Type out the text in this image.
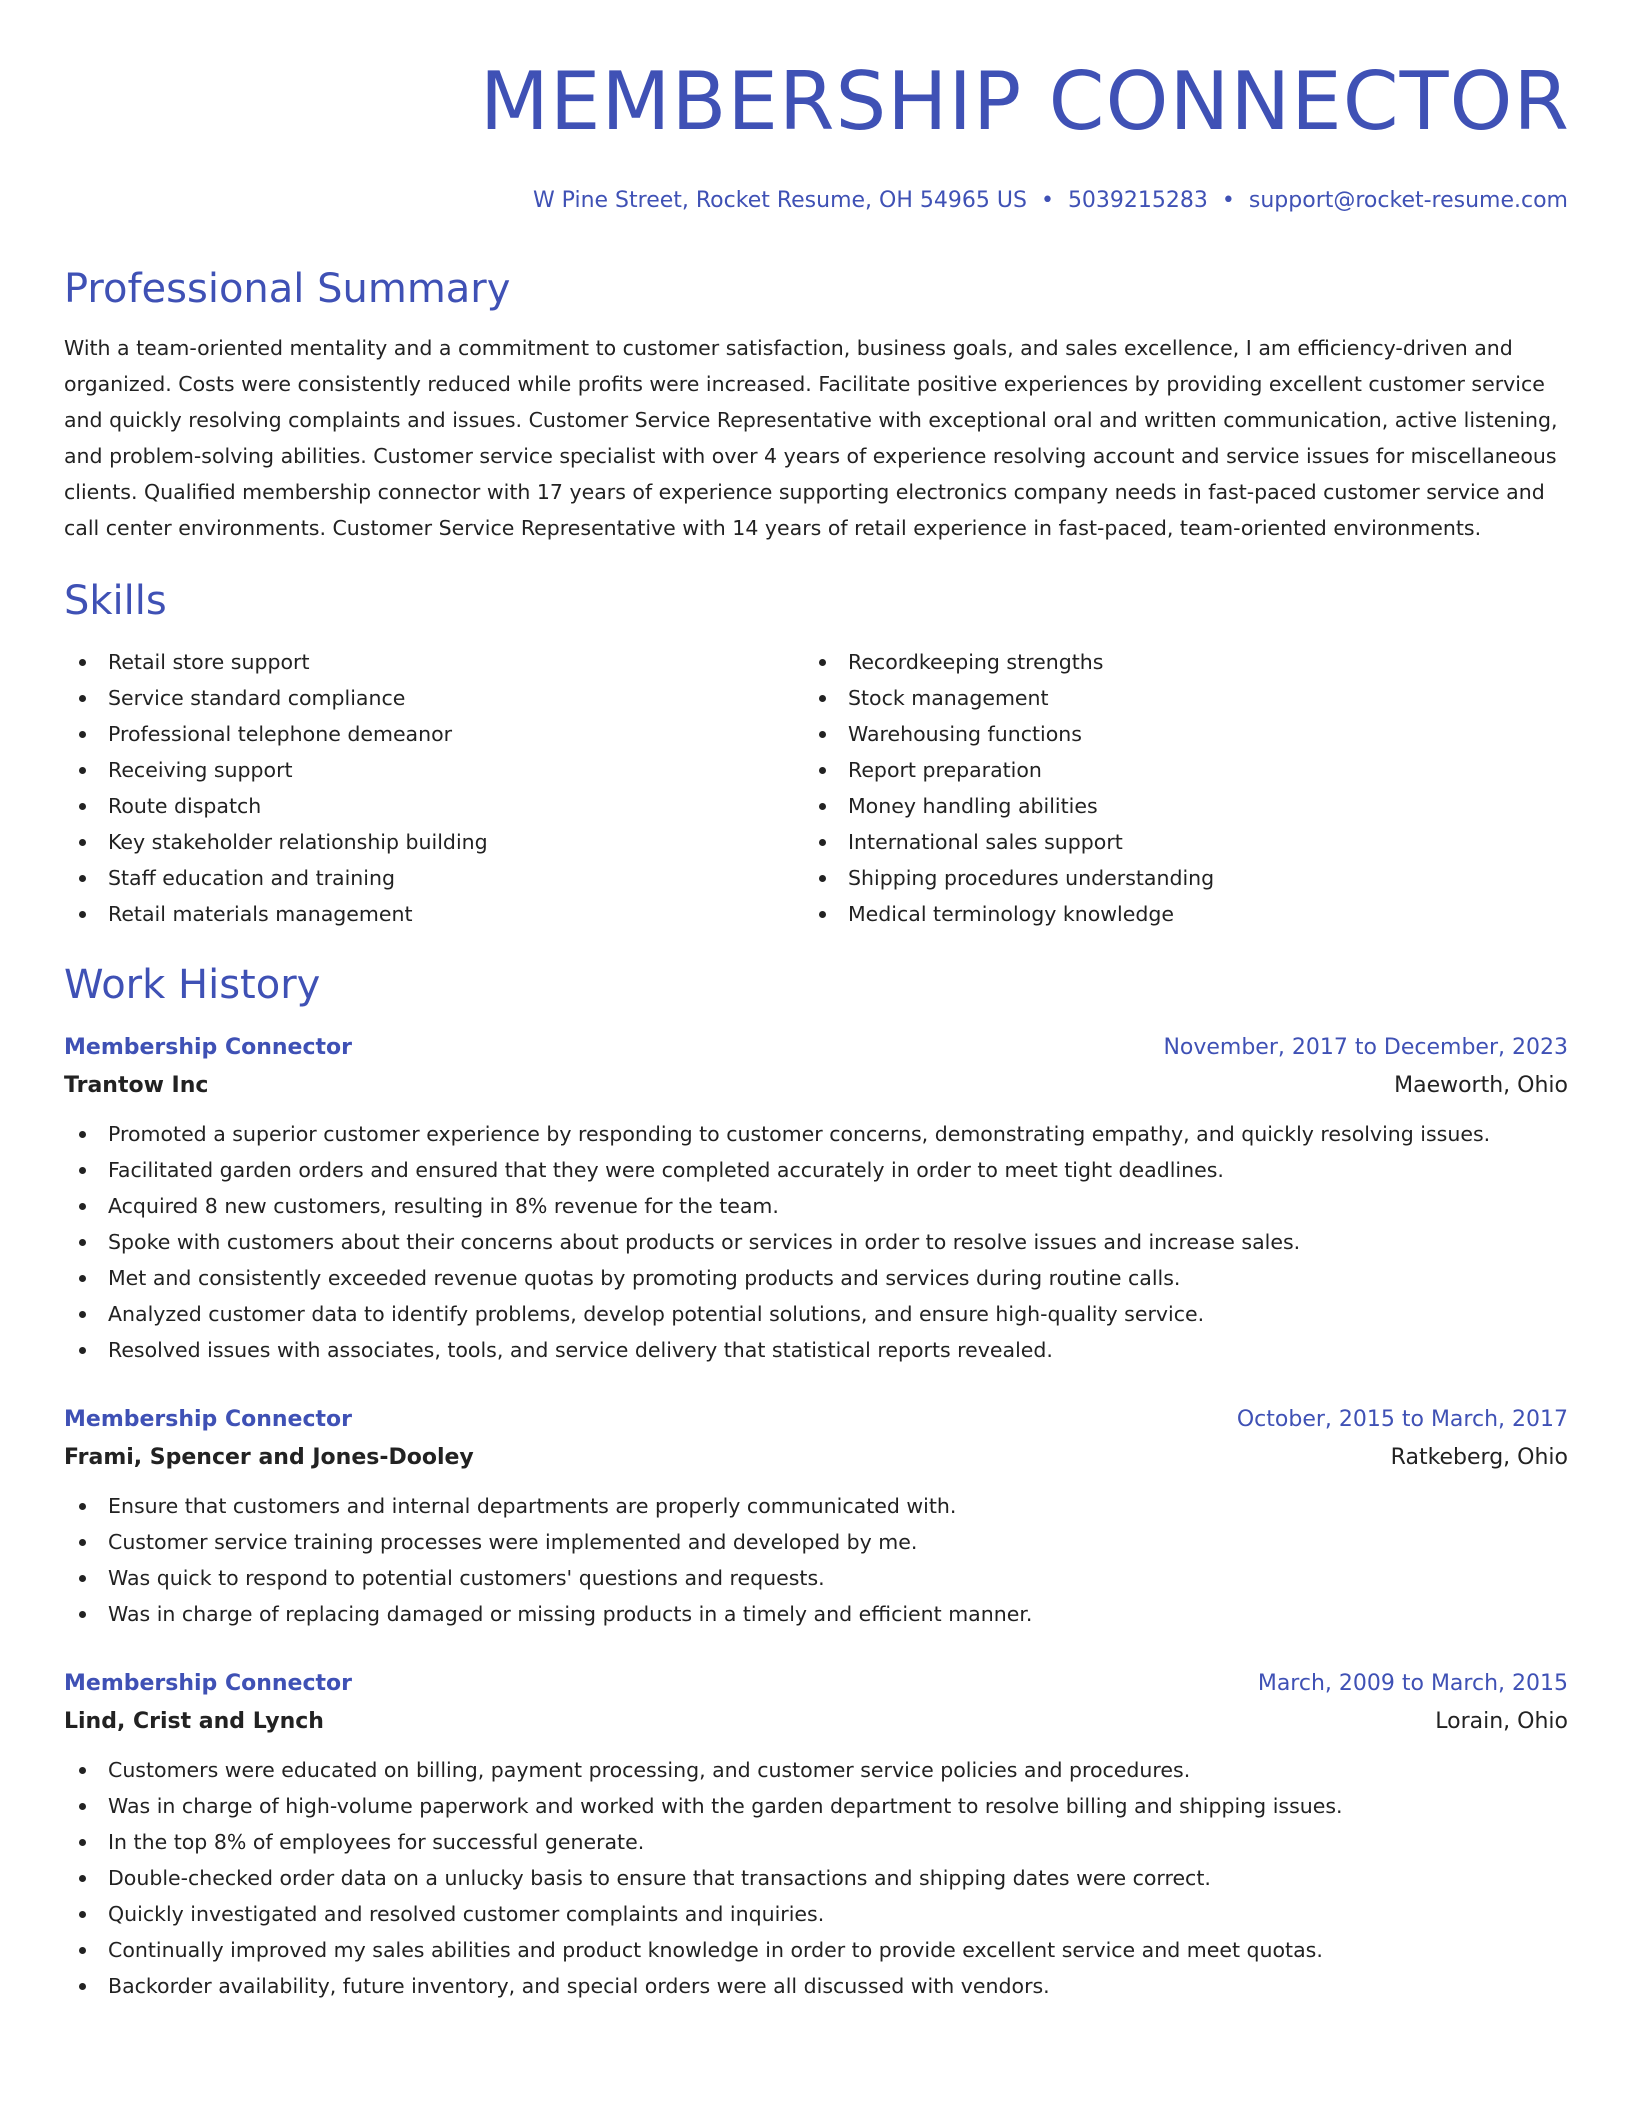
MEMBERSHIP CONNECTOR
W Pine Street, Rocket Resume, OH 54965 US • 5039215283 • support@rocket-resume.com
Professional Summary

With a team-oriented mentality and a commitment to customer satisfaction, business goals, and sales excellence, I am efficiency-driven and organized. Costs were consistently reduced while profits were increased. Facilitate positive experiences by providing excellent customer service and quickly resolving complaints and issues. Customer Service Representative with exceptional oral and written communication, active listening, and problem-solving abilities. Customer service specialist with over 4 years of experience resolving account and service issues for miscellaneous clients. Qualified membership connector with 17 years of experience supporting electronics company needs in fast-paced customer service and call center environments. Customer Service Representative with 14 years of retail experience in fast-paced, team-oriented environments.

Skills
Retail store support
Service standard compliance
Professional telephone demeanor
Receiving support
Route dispatch
Key stakeholder relationship building
Staff education and training
Retail materials management
Recordkeeping strengths
Stock management
Warehousing functions
Report preparation
Money handling abilities
International sales support
Shipping procedures understanding
Medical terminology knowledge
Work History
Membership Connector	November, 2017 to December, 2023
Trantow Inc	Maeworth, Ohio
Promoted a superior customer experience by responding to customer concerns, demonstrating empathy, and quickly resolving issues.
Facilitated garden orders and ensured that they were completed accurately in order to meet tight deadlines.
Acquired 8 new customers, resulting in 8% revenue for the team.
Spoke with customers about their concerns about products or services in order to resolve issues and increase sales.
Met and consistently exceeded revenue quotas by promoting products and services during routine calls.
Analyzed customer data to identify problems, develop potential solutions, and ensure high-quality service.
Resolved issues with associates, tools, and service delivery that statistical reports revealed.
Membership Connector	October, 2015 to March, 2017
Frami, Spencer and Jones-Dooley	Ratkeberg, Ohio
Ensure that customers and internal departments are properly communicated with.
Customer service training processes were implemented and developed by me.
Was quick to respond to potential customers' questions and requests.
Was in charge of replacing damaged or missing products in a timely and efficient manner.
Membership Connector	March, 2009 to March, 2015
Lind, Crist and Lynch	Lorain, Ohio
Customers were educated on billing, payment processing, and customer service policies and procedures.
Was in charge of high-volume paperwork and worked with the garden department to resolve billing and shipping issues.
In the top 8% of employees for successful generate.
Double-checked order data on a unlucky basis to ensure that transactions and shipping dates were correct.
Quickly investigated and resolved customer complaints and inquiries.
Continually improved my sales abilities and product knowledge in order to provide excellent service and meet quotas.
Backorder availability, future inventory, and special orders were all discussed with vendors.
